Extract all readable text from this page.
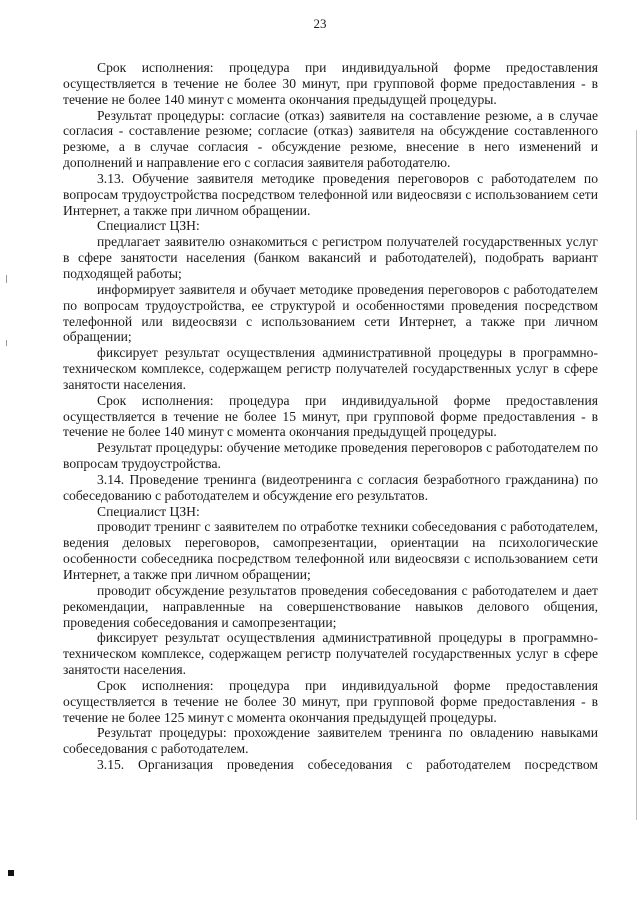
23

Срок исполнения: процедура при индивидуальной форме предоставления осуществляется в течение не более 30 минут, при групповой форме предоставления - в течение не более 140 минут с момента окончания предыдущей процедуры.

Результат процедуры: согласие (отказ) заявителя на составление резюме, а в случае согласия - составление резюме; согласие (отказ) заявителя на обсуждение составленного резюме, а в случае согласия - обсуждение резюме, внесение в него изменений и дополнений и направление его с согласия заявителя работодателю.

3.13. Обучение заявителя методике проведения переговоров с работодателем по вопросам трудоустройства посредством телефонной или видеосвязи с использованием сети Интернет, а также при личном обращении.

Специалист ЦЗН:

предлагает заявителю ознакомиться с регистром получателей государственных услуг в сфере занятости населения (банком вакансий и работодателей), подобрать вариант подходящей работы;

информирует заявителя и обучает методике проведения переговоров с работодателем по вопросам трудоустройства, ее структурой и особенностями проведения посредством телефонной или видеосвязи с использованием сети Интернет, а также при личном обращении;

фиксирует результат осуществления административной процедуры в программно-техническом комплексе, содержащем регистр получателей государственных услуг в сфере занятости населения.

Срок исполнения: процедура при индивидуальной форме предоставления осуществляется в течение не более 15 минут, при групповой форме предоставления - в течение не более 140 минут с момента окончания предыдущей процедуры.

Результат процедуры: обучение методике проведения переговоров с работодателем по вопросам трудоустройства.

3.14. Проведение тренинга (видеотренинга с согласия безработного гражданина) по собеседованию с работодателем и обсуждение его результатов.

Специалист ЦЗН:

проводит тренинг с заявителем по отработке техники собеседования с работодателем, ведения деловых переговоров, самопрезентации, ориентации на психологические особенности собеседника посредством телефонной или видеосвязи с использованием сети Интернет, а также при личном обращении;

проводит обсуждение результатов проведения собеседования с работодателем и дает рекомендации, направленные на совершенствование навыков делового общения, проведения собеседования и самопрезентации;

фиксирует результат осуществления административной процедуры в программно-техническом комплексе, содержащем регистр получателей государственных услуг в сфере занятости населения.

Срок исполнения: процедура при индивидуальной форме предоставления осуществляется в течение не более 30 минут, при групповой форме предоставления - в течение не более 125 минут с момента окончания предыдущей процедуры.

Результат процедуры: прохождение заявителем тренинга по овладению навыками собеседования с работодателем.

3.15. Организация проведения собеседования с работодателем посредством
